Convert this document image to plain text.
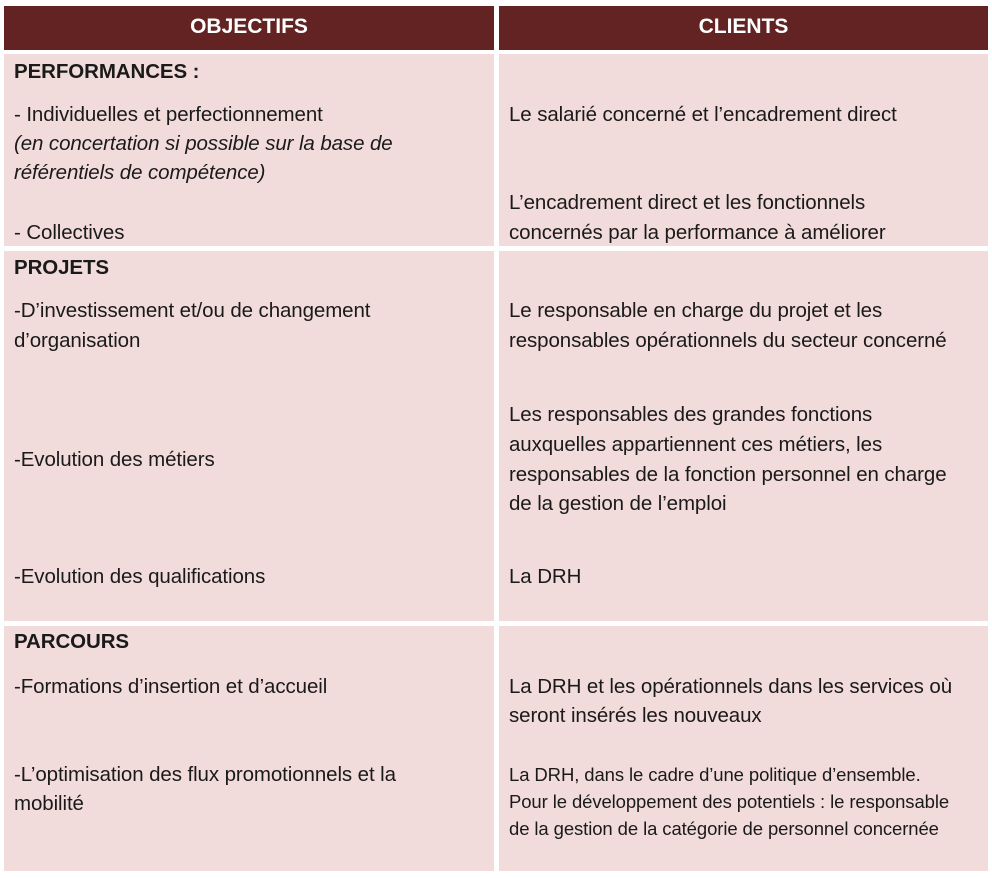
OBJECTIFS	CLIENTS
PERFORMANCES :
- Individuelles et perfectionnement
(en concertation si possible sur la base de
référentiels de compétence)
- Collectives
Le salarié concerné et l’encadrement direct
L’encadrement direct et les fonctionnels
concernés par la performance à améliorer
PROJETS
-D’investissement et/ou de changement
d’organisation
-Evolution des métiers
-Evolution des qualifications
Le responsable en charge du projet et les
responsables opérationnels du secteur concerné
Les responsables des grandes fonctions
auxquelles appartiennent ces métiers, les
responsables de la fonction personnel en charge
de la gestion de l’emploi
La DRH
PARCOURS
-Formations d’insertion et d’accueil
-L’optimisation des flux promotionnels et la
mobilité
La DRH et les opérationnels dans les services où
seront insérés les nouveaux
La DRH, dans le cadre d’une politique d’ensemble.
Pour le développement des potentiels : le responsable
de la gestion de la catégorie de personnel concernée
